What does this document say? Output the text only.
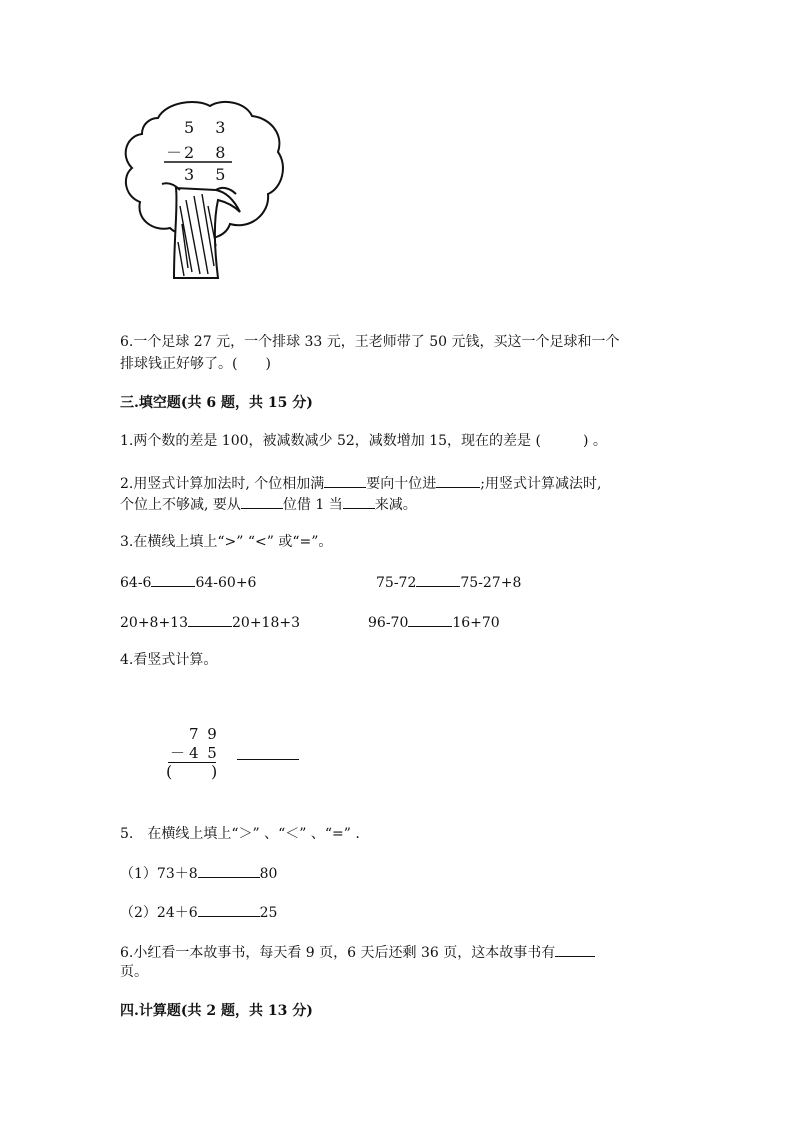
5 3
－ 2 8
3 5
6.一个足球 27 元，一个排球 33 元，王老师带了 50 元钱，买这一个足球和一个
排球钱正好够了。(　　)
三.填空题(共 6 题，共 15 分)
1.两个数的差是 100，被减数减少 52，减数增加 15，现在的差是 (　　　) 。
2.用竖式计算加法时, 个位相加满	要向十位进	;用竖式计算减法时,
个位上不够减, 要从	位借 1 当 来减。
3.在横线上填上“>” “<” 或“=”。
64-6	64-60+6	75-72	75-27+8
20+8+13	20+18+3	96-70	16+70
4.看竖式计算。
7 9
－ 4 5
( )
5.　在横线上填上“＞” 、“＜” 、“=” .
（1）73＋8	80
（2）24＋6	25
6.小红看一本故事书，每天看 9 页，6 天后还剩 36 页，这本故事书有
页。
四.计算题(共 2 题，共 13 分)
